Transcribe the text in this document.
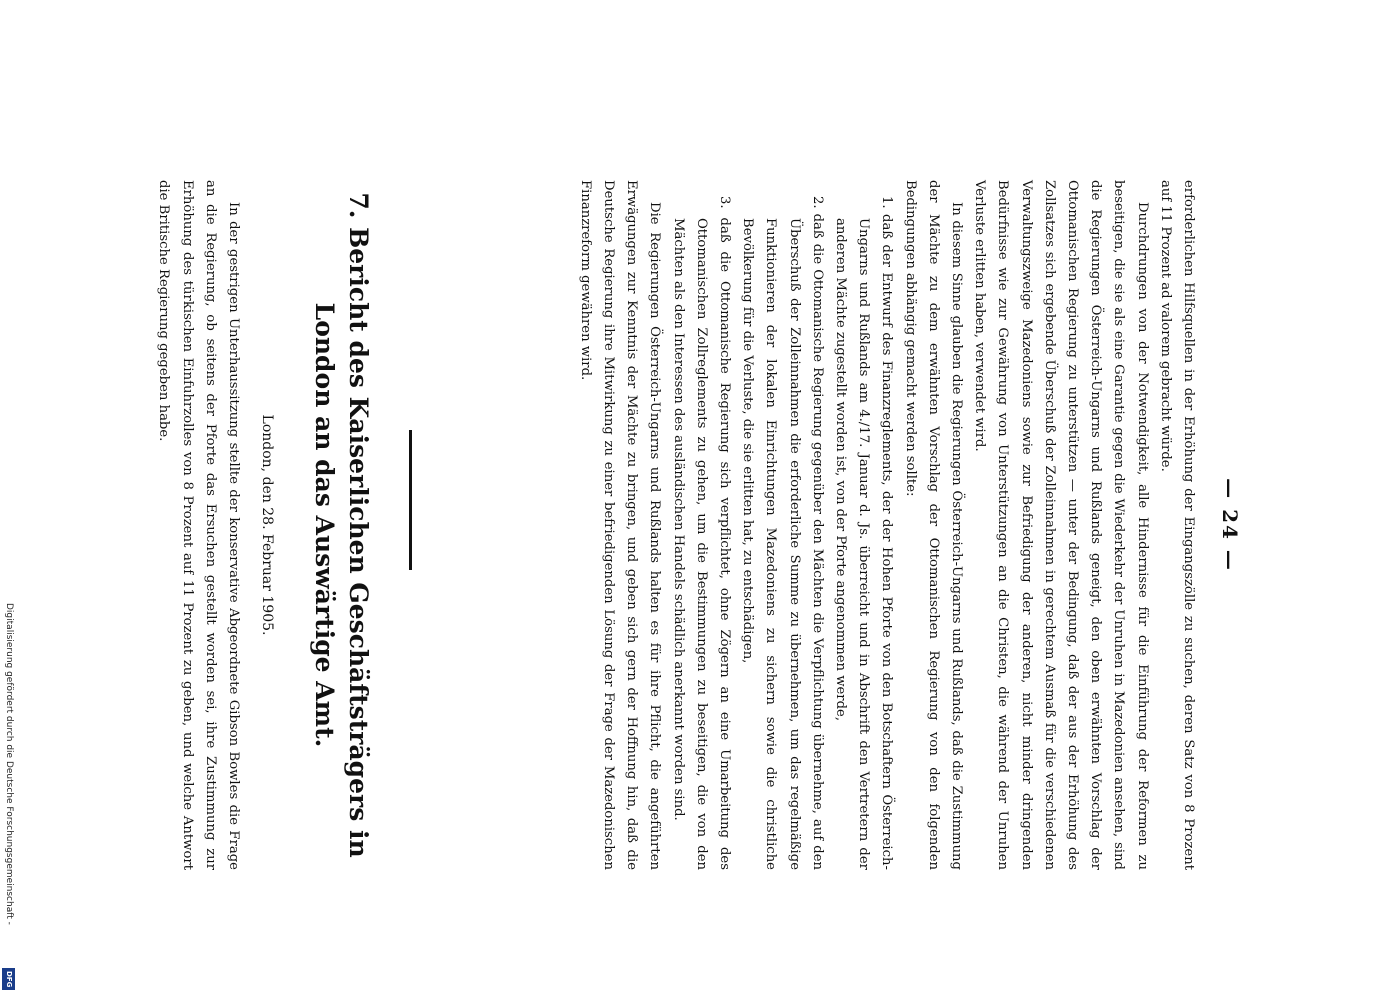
— 24 —

erforderlichen Hilfsquellen in der Erhöhung der Eingangszölle zu suchen, deren Satz von 8 Prozent auf 11 Prozent ad valorem gebracht würde.

Durchdrungen von der Notwendigkeit, alle Hindernisse für die Einführung der Reformen zu beseitigen, die sie als eine Garantie gegen die Wiederkehr der Unruhen in Mazedonien ansehen, sind die Regierungen Österreich-Ungarns und Rußlands geneigt, den oben erwähnten Vorschlag der Ottomanischen Regierung zu unterstützen — unter der Bedingung, daß der aus der Erhöhung des Zollsatzes sich ergebende Überschuß der Zolleinnahmen in gerechtem Ausmaß für die verschiedenen Verwaltungszweige Mazedoniens sowie zur Befriedigung der anderen, nicht minder dringenden Bedürfnisse wie zur Gewährung von Unterstützungen an die Christen, die während der Unruhen Verluste erlitten haben, verwendet wird.

In diesem Sinne glauben die Regierungen Österreich-Ungarns und Rußlands, daß die Zustimmung der Mächte zu dem erwähnten Vorschlag der Ottomanischen Regierung von den folgenden Bedingungen abhängig gemacht werden sollte:

1. daß der Entwurf des Finanzreglements, der der Hohen Pforte von den Botschaftern Österreich-Ungarns und Rußlands am 4./17. Januar d. Js. überreicht und in Abschrift den Vertretern der anderen Mächte zugestellt worden ist, von der Pforte angenommen werde,

2. daß die Ottomanische Regierung gegenüber den Mächten die Verpflichtung übernehme, auf den Überschuß der Zolleinnahmen die erforderliche Summe zu übernehmen, um das regelmäßige Funktionieren der lokalen Einrichtungen Mazedoniens zu sichern sowie die christliche Bevölkerung für die Verluste, die sie erlitten hat, zu entschädigen,

3. daß die Ottomanische Regierung sich verpflichtet, ohne Zögern an eine Umarbeitung des Ottomanischen Zollreglements zu gehen, um die Bestimmungen zu beseitigen, die von den Mächten als den Interessen des ausländischen Handels schädlich anerkannt worden sind.

Die Regierungen Österreich-Ungarns und Rußlands halten es für ihre Pflicht, die angeführten Erwägungen zur Kenntnis der Mächte zu bringen, und geben sich gern der Hoffnung hin, daß die Deutsche Regierung ihre Mitwirkung zu einer befriedigenden Lösung der Frage der Mazedonischen Finanzreform gewähren wird.

7. Bericht des Kaiserlichen Geschäftsträgers in London an das Auswärtige Amt.
London, den 28. Februar 1905.

In der gestrigen Unterhaussitzung stellte der konservative Abgeordnete Gibson Bowles die Frage an die Regierung, ob seitens der Pforte das Ersuchen gestellt worden sei, ihre Zustimmung zur Erhöhung des türkischen Einfuhrzolles von 8 Prozent auf 11 Prozent zu geben, und welche Antwort die Britische Regierung gegeben habe.

Digitalisierung gefördert durch die Deutsche Forschungsgemeinschaft -
DFG
